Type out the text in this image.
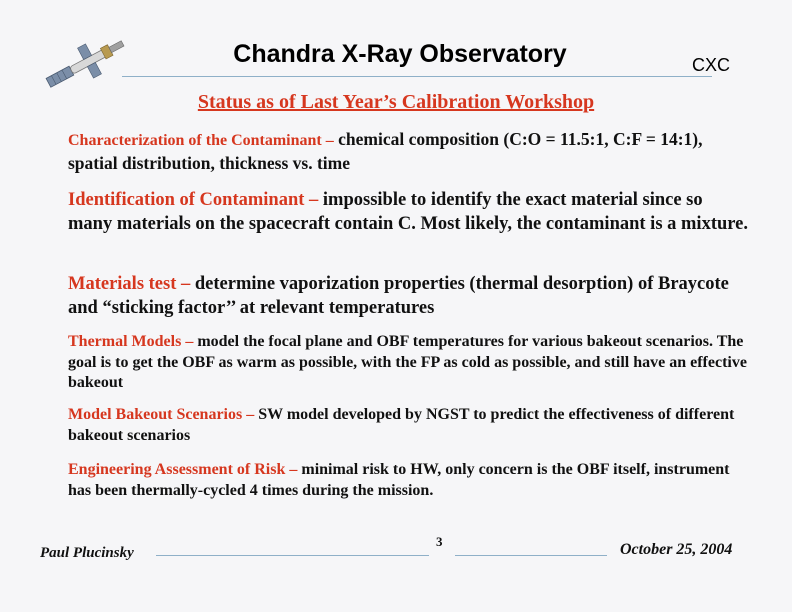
Chandra X-Ray Observatory	CXC
Status as of Last Year’s Calibration Workshop
Characterization of the Contaminant – chemical composition (C:O = 11.5:1, C:F = 14:1), spatial distribution, thickness vs. time
Identification of Contaminant – impossible to identify the exact material since so many materials on the spacecraft contain C. Most likely, the contaminant is a mixture.
Materials test – determine vaporization properties (thermal desorption) of Braycote and “sticking factor’’ at relevant temperatures
Thermal Models – model the focal plane and OBF temperatures for various bakeout scenarios. The goal is to get the OBF as warm as possible, with the FP as cold as possible, and still have an effective bakeout
Model Bakeout Scenarios – SW model developed by NGST to predict the effectiveness of different bakeout scenarios
Engineering Assessment of Risk – minimal risk to HW, only concern is the OBF itself, instrument has been thermally-cycled 4 times during the mission.
Paul Plucinsky
3	October 25, 2004
